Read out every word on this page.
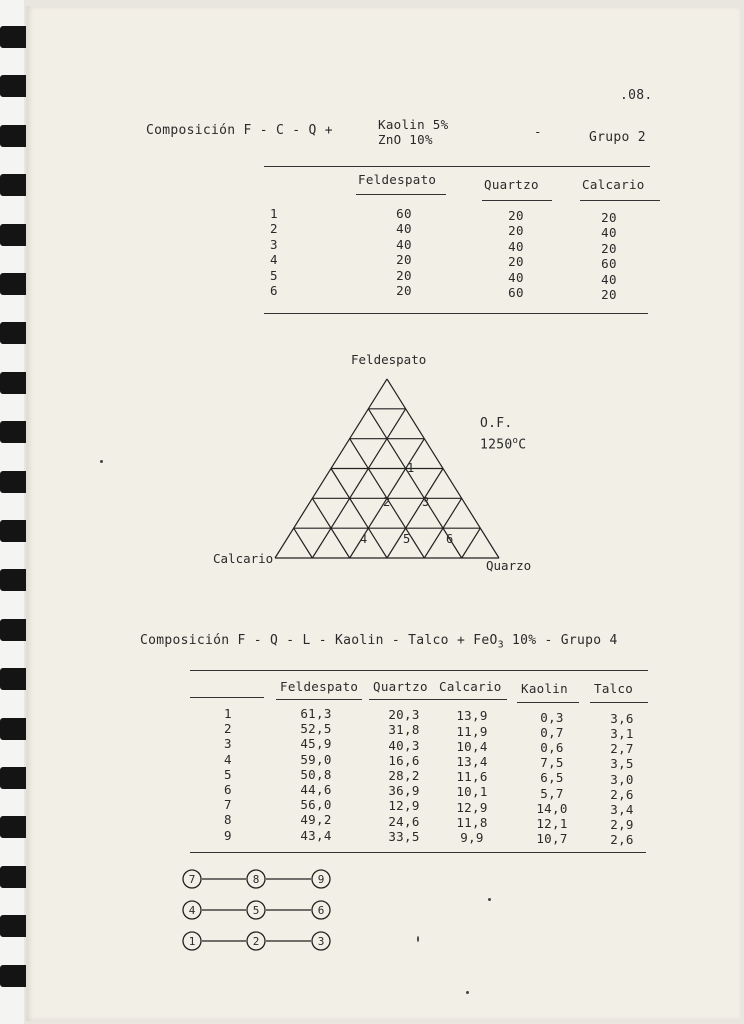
.08.
Composición F - C - Q +	Kaolin 5%
ZnO 10%
-	Grupo 2
Feldespato	Quartzo	Calcario
1	60	20	20
2	40	20	40
3	40	40	20
4	20	20	60
5	20	40	40
6	20	60	20
Feldespato
Calcario	Quarzo
1
2	3
4	5	6
O.F.
1250$^o$C
Composición F - Q - L - Kaolin - Talco + FeO$_3$ 10% - Grupo 4
Feldespato Quartzo Calcario Kaolin Talco
1	61,3	20,3	13,9	0,3	3,6
2	52,5	31,8	11,9	0,7	3,1
3	45,9	40,3	10,4	0,6	2,7
4	59,0	16,6	13,4	7,5	3,5
5	50,8	28,2	11,6	6,5	3,0
6	44,6	36,9	10,1	5,7	2,6
7	56,0	12,9	12,9	14,0	3,4
8	49,2	24,6	11,8	12,1	2,9
9	43,4	33,5	9,9	10,7	2,6
7	8	9
4	5	6
1	2	3
